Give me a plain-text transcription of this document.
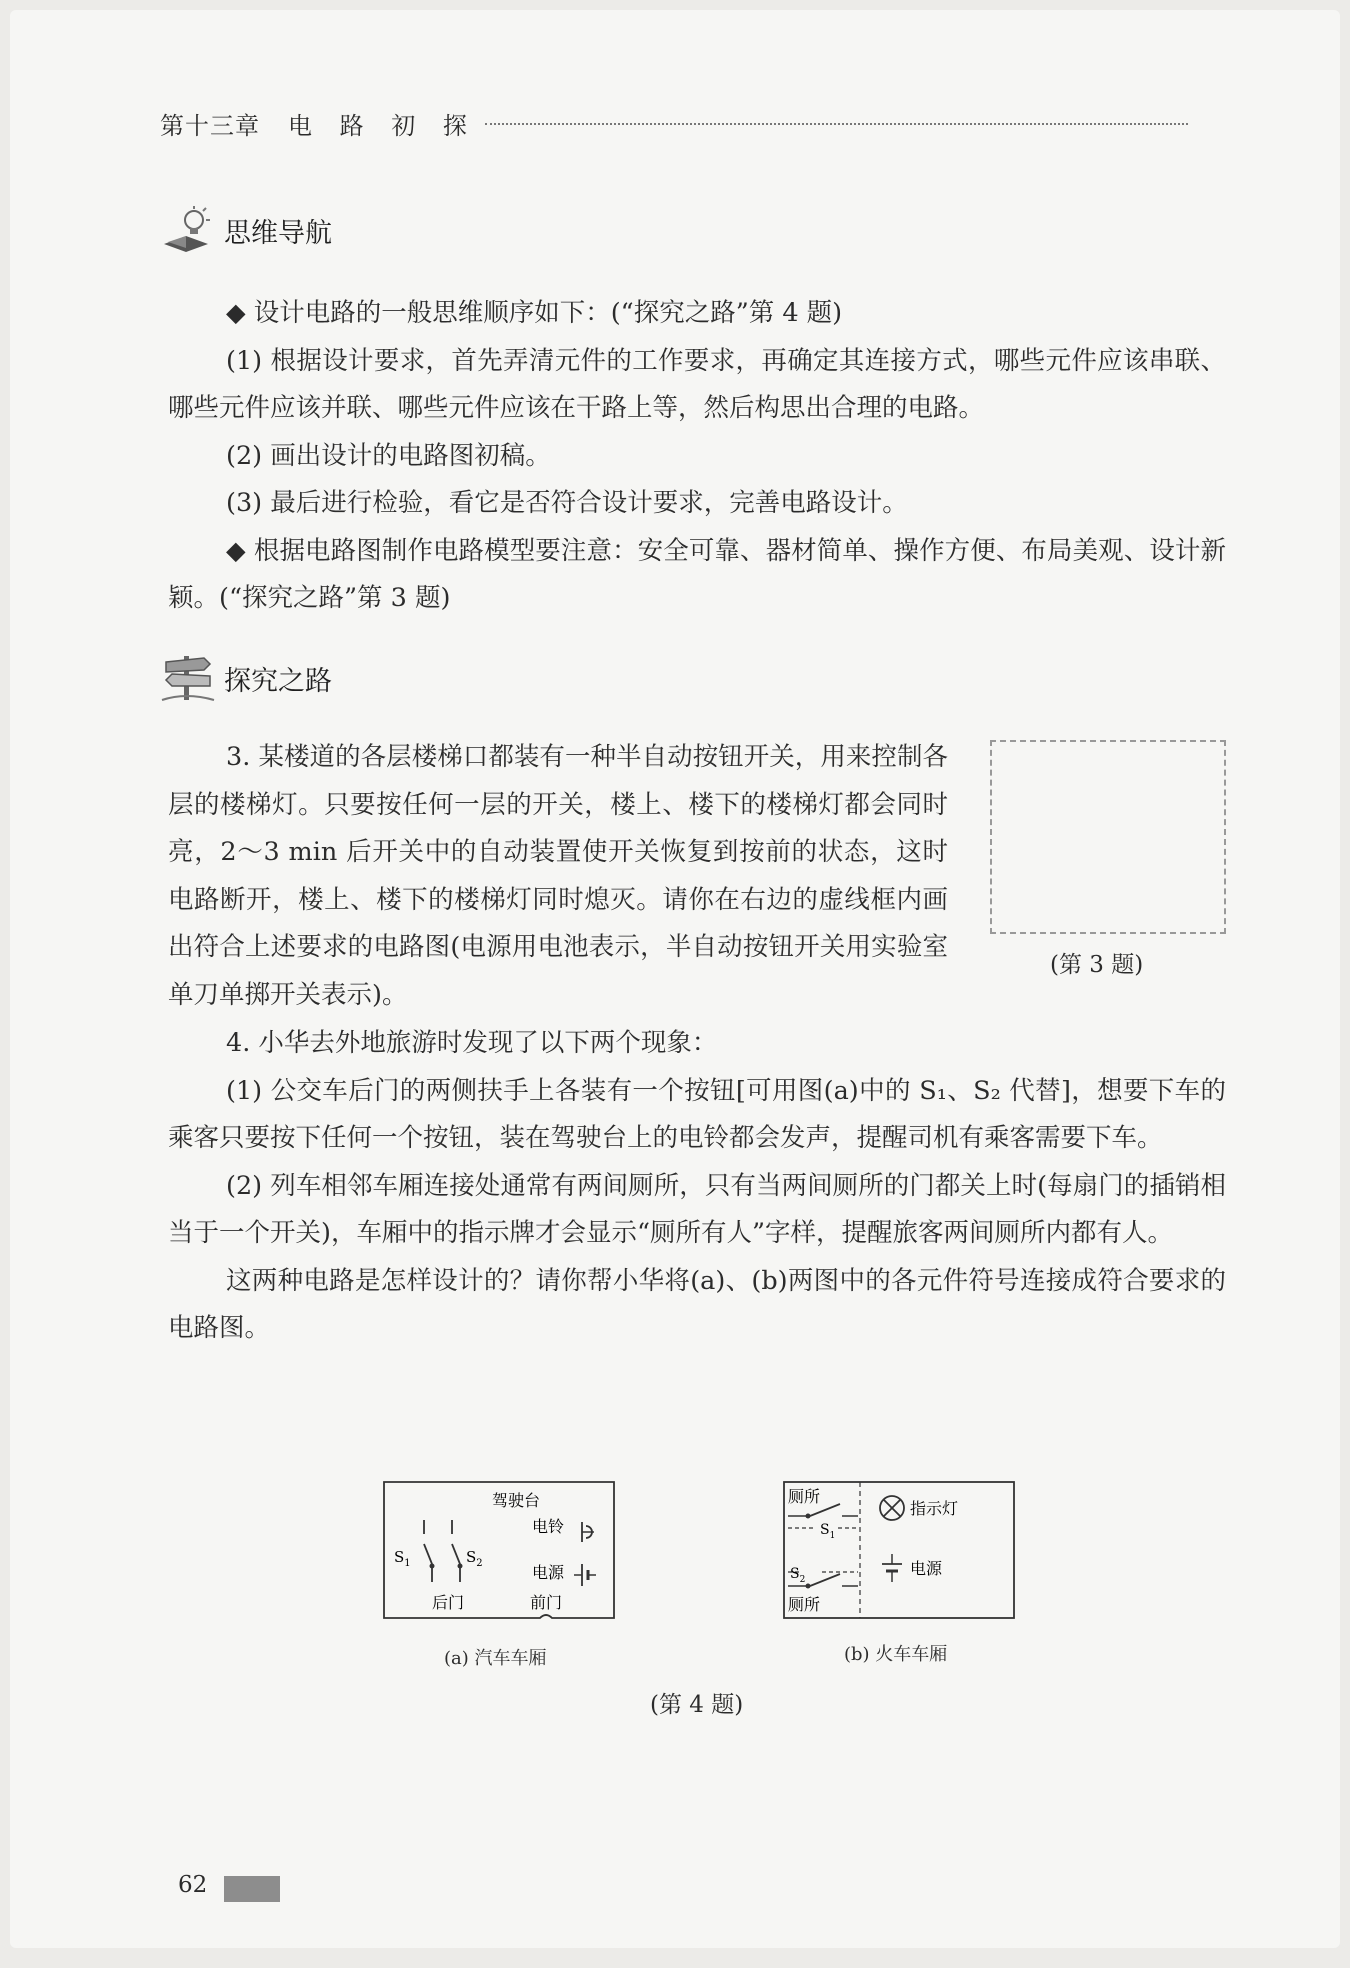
第十三章 电 路 初 探
思维导航

◆ 设计电路的一般思维顺序如下：(“探究之路”第 4 题)

(1) 根据设计要求，首先弄清元件的工作要求，再确定其连接方式，哪些元件应该串联、哪些元件应该并联、哪些元件应该在干路上等，然后构思出合理的电路。

(2) 画出设计的电路图初稿。

(3) 最后进行检验，看它是否符合设计要求，完善电路设计。

◆ 根据电路图制作电路模型要注意：安全可靠、器材简单、操作方便、布局美观、设计新颖。(“探究之路”第 3 题)

探究之路

3. 某楼道的各层楼梯口都装有一种半自动按钮开关，用来控制各层的楼梯灯。只要按任何一层的开关，楼上、楼下的楼梯灯都会同时亮，2～3 min 后开关中的自动装置使开关恢复到按前的状态，这时电路断开，楼上、楼下的楼梯灯同时熄灭。请你在右边的虚线框内画出符合上述要求的电路图(电源用电池表示，半自动按钮开关用实验室单刀单掷开关表示)。

(第 3 题)

4. 小华去外地旅游时发现了以下两个现象：

(1) 公交车后门的两侧扶手上各装有一个按钮[可用图(a)中的 S₁、S₂ 代替]，想要下车的乘客只要按下任何一个按钮，装在驾驶台上的电铃都会发声，提醒司机有乘客需要下车。

(2) 列车相邻车厢连接处通常有两间厕所，只有当两间厕所的门都关上时(每扇门的插销相当于一个开关)，车厢中的指示牌才会显示“厕所有人”字样，提醒旅客两间厕所内都有人。

这两种电路是怎样设计的？请你帮小华将(a)、(b)两图中的各元件符号连接成符合要求的电路图。

驾驶台
电铃
电源
$S_1$	$S_2$
后门	前门
(a) 汽车车厢
厕所
$S_1$
$S_2$
厕所
指示灯
电源
(b) 火车车厢
(第 4 题)
62
